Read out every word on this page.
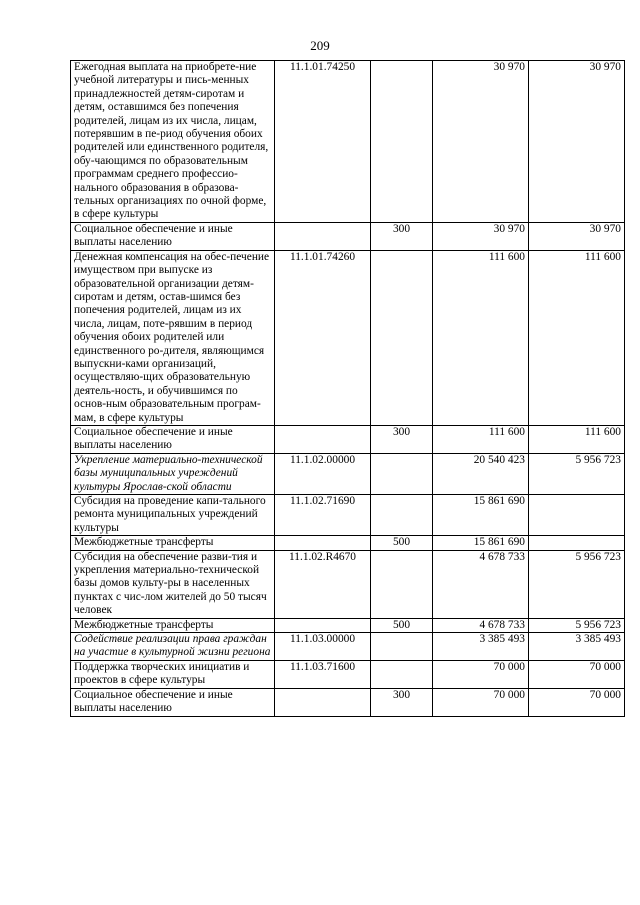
209
Ежегодная выплата на приобрете-ние учебной литературы и пись-менных принадлежностей детям-сиротам и детям, оставшимся без попечения родителей, лицам из их числа, лицам, потерявшим в пе-риод обучения обоих родителей или единственного родителя, обу-чающимся по образовательным программам среднего профессио-нального образования в образова-тельных организациях по очной форме, в сфере культуры	11.1.01.74250		30 970	30 970
Социальное обеспечение и иные выплаты населению		300	30 970	30 970
Денежная компенсация на обес-печение имуществом при выпуске из образовательной организации детям-сиротам и детям, остав-шимся без попечения родителей, лицам из их числа, лицам, поте-рявшим в период обучения обоих родителей или единственного ро-дителя, являющимся выпускни-ками организаций, осуществляю-щих образовательную деятель-ность, и обучившимся по основ-ным образовательным програм-мам, в сфере культуры	11.1.01.74260		111 600	111 600
Социальное обеспечение и иные выплаты населению		300	111 600	111 600
Укрепление материально-технической базы муниципальных учреждений культуры Ярослав-ской области	11.1.02.00000		20 540 423	5 956 723
Субсидия на проведение капи-тального ремонта муниципальных учреждений культуры	11.1.02.71690		15 861 690	
Межбюджетные трансферты		500	15 861 690	
Субсидия на обеспечение разви-тия и укрепления материально-технической базы домов культу-ры в населенных пунктах с чис-лом жителей до 50 тысяч человек	11.1.02.R4670		4 678 733	5 956 723
Межбюджетные трансферты		500	4 678 733	5 956 723
Содействие реализации права граждан на участие в культурной жизни региона	11.1.03.00000		3 385 493	3 385 493
Поддержка творческих инициатив и проектов в сфере культуры	11.1.03.71600		70 000	70 000
Социальное обеспечение и иные выплаты населению		300	70 000	70 000
